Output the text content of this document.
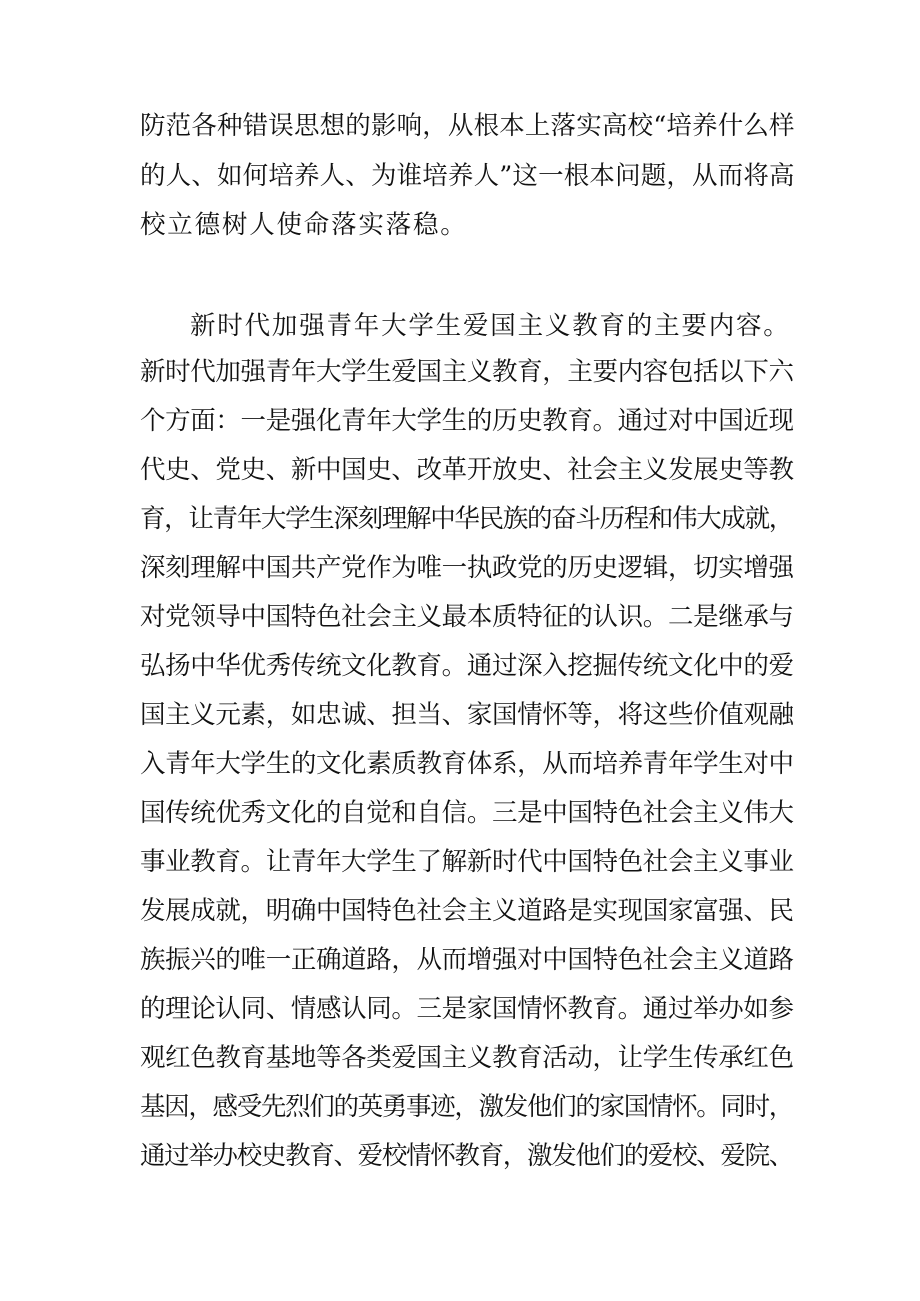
防范各种错误思想的影响，从根本上落实高校“培养什么样

的人、如何培养人、为谁培养人”这一根本问题，从而将高

校立德树人使命落实落稳。

新时代加强青年大学生爱国主义教育的主要内容。

新时代加强青年大学生爱国主义教育，主要内容包括以下六

个方面：一是强化青年大学生的历史教育。通过对中国近现

代史、党史、新中国史、改革开放史、社会主义发展史等教

育，让青年大学生深刻理解中华民族的奋斗历程和伟大成就，

深刻理解中国共产党作为唯一执政党的历史逻辑，切实增强

对党领导中国特色社会主义最本质特征的认识。二是继承与

弘扬中华优秀传统文化教育。通过深入挖掘传统文化中的爱

国主义元素，如忠诚、担当、家国情怀等，将这些价值观融

入青年大学生的文化素质教育体系，从而培养青年学生对中

国传统优秀文化的自觉和自信。三是中国特色社会主义伟大

事业教育。让青年大学生了解新时代中国特色社会主义事业

发展成就，明确中国特色社会主义道路是实现国家富强、民

族振兴的唯一正确道路，从而增强对中国特色社会主义道路

的理论认同、情感认同。三是家国情怀教育。通过举办如参

观红色教育基地等各类爱国主义教育活动，让学生传承红色

基因，感受先烈们的英勇事迹，激发他们的家国情怀。同时，

通过举办校史教育、爱校情怀教育，激发他们的爱校、爱院、
